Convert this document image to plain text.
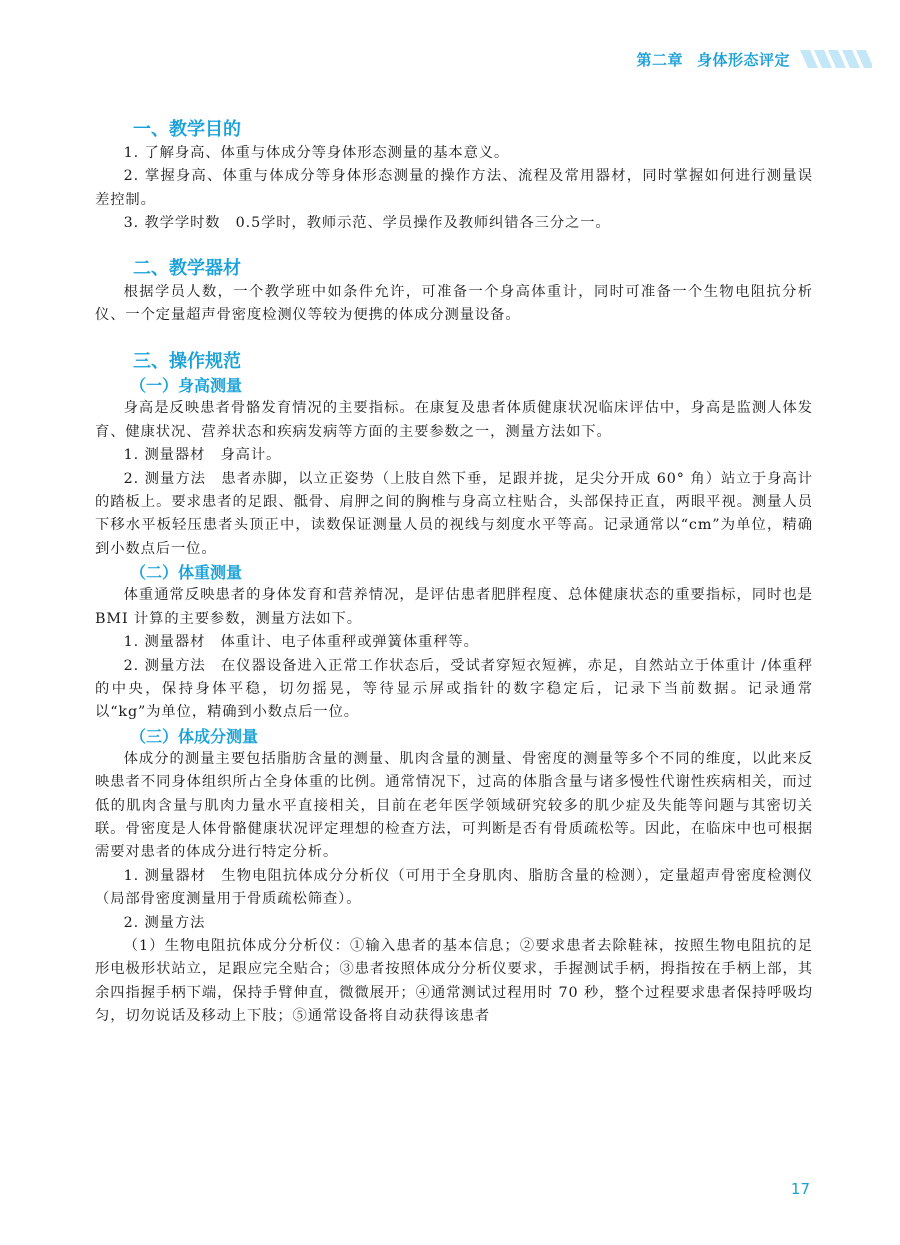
第二章 身体形态评定
一、教学目的

1. 了解身高、体重与体成分等身体形态测量的基本意义。

2. 掌握身高、体重与体成分等身体形态测量的操作方法、流程及常用器材，同时掌握如何进行测量误差控制。

3. 教学学时数　0.5学时，教师示范、学员操作及教师纠错各三分之一。

二、教学器材

根据学员人数，一个教学班中如条件允许，可准备一个身高体重计，同时可准备一个生物电阻抗分析仪、一个定量超声骨密度检测仪等较为便携的体成分测量设备。

三、操作规范
（一）身高测量

身高是反映患者骨骼发育情况的主要指标。在康复及患者体质健康状况临床评估中，身高是监测人体发育、健康状况、营养状态和疾病发病等方面的主要参数之一，测量方法如下。

1. 测量器材　身高计。

2. 测量方法　患者赤脚，以立正姿势（上肢自然下垂，足跟并拢，足尖分开成 60° 角）站立于身高计的踏板上。要求患者的足跟、骶骨、肩胛之间的胸椎与身高立柱贴合，头部保持正直，两眼平视。测量人员下移水平板轻压患者头顶正中，读数保证测量人员的视线与刻度水平等高。记录通常以“cm”为单位，精确到小数点后一位。

（二）体重测量

体重通常反映患者的身体发育和营养情况，是评估患者肥胖程度、总体健康状态的重要指标，同时也是 BMI 计算的主要参数，测量方法如下。

1. 测量器材　体重计、电子体重秤或弹簧体重秤等。

2. 测量方法　在仪器设备进入正常工作状态后，受试者穿短衣短裤，赤足，自然站立于体重计 /体重秤的中央，保持身体平稳，切勿摇晃，等待显示屏或指针的数字稳定后，记录下当前数据。记录通常以“kg”为单位，精确到小数点后一位。

（三）体成分测量

体成分的测量主要包括脂肪含量的测量、肌肉含量的测量、骨密度的测量等多个不同的维度，以此来反映患者不同身体组织所占全身体重的比例。通常情况下，过高的体脂含量与诸多慢性代谢性疾病相关，而过低的肌肉含量与肌肉力量水平直接相关，目前在老年医学领域研究较多的肌少症及失能等问题与其密切关联。骨密度是人体骨骼健康状况评定理想的检查方法，可判断是否有骨质疏松等。因此，在临床中也可根据需要对患者的体成分进行特定分析。

1. 测量器材　生物电阻抗体成分分析仪（可用于全身肌肉、脂肪含量的检测），定量超声骨密度检测仪（局部骨密度测量用于骨质疏松筛查）。

2. 测量方法

（1）生物电阻抗体成分分析仪：①输入患者的基本信息；②要求患者去除鞋袜，按照生物电阻抗的足形电极形状站立，足跟应完全贴合；③患者按照体成分分析仪要求，手握测试手柄，拇指按在手柄上部，其余四指握手柄下端，保持手臂伸直，微微展开；④通常测试过程用时 70 秒，整个过程要求患者保持呼吸均匀，切勿说话及移动上下肢；⑤通常设备将自动获得该患者

17
